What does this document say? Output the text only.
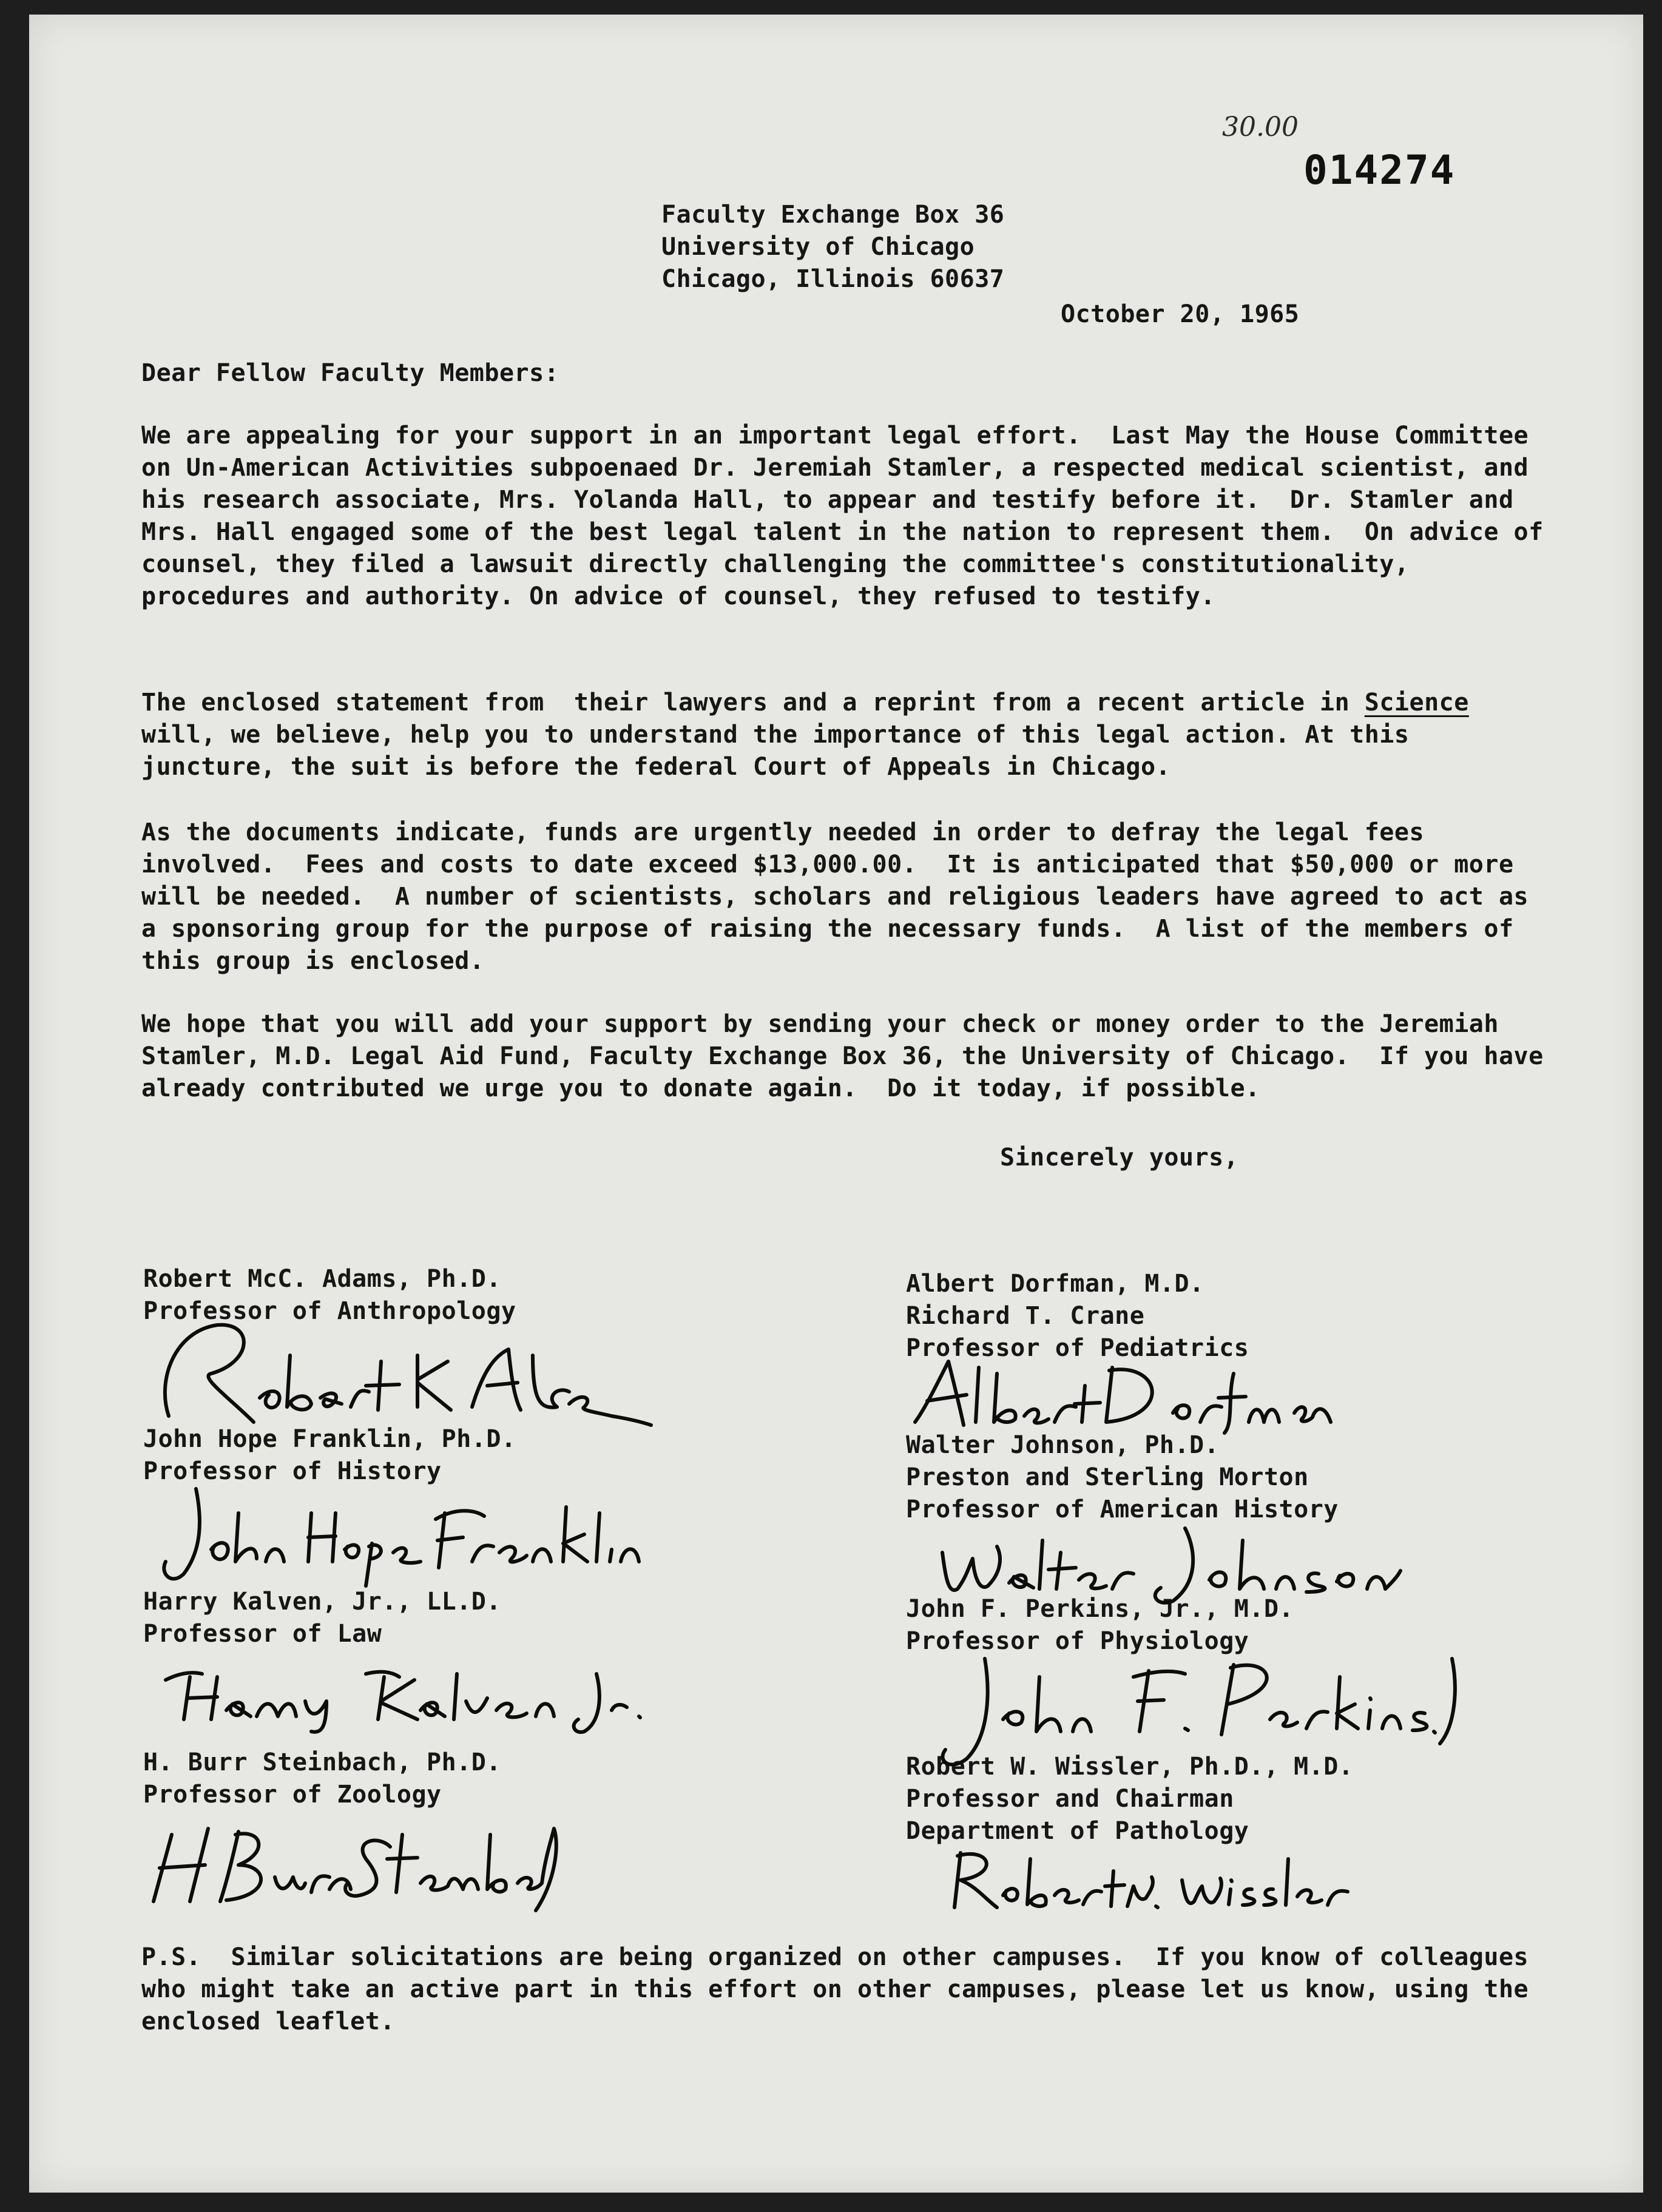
30.00
014274
Faculty Exchange Box 36
University of Chicago
Chicago, Illinois 60637
October 20, 1965
Dear Fellow Faculty Members:

We are appealing for your support in an important legal effort.  Last May the House Committee on Un-American Activities subpoenaed Dr. Jeremiah Stamler, a respected medical scientist, and his research associate, Mrs. Yolanda Hall, to appear and testify before it.  Dr. Stamler and Mrs. Hall engaged some of the best legal talent in the nation to represent them.  On advice of counsel, they filed a lawsuit directly challenging the committee's constitutionality, procedures and authority. On advice of counsel, they refused to testify.

The enclosed statement from  their lawyers and a reprint from a recent article in Science will, we believe, help you to understand the importance of this legal action. At this juncture, the suit is before the federal Court of Appeals in Chicago.

As the documents indicate, funds are urgently needed in order to defray the legal fees involved.  Fees and costs to date exceed $13,000.00.  It is anticipated that $50,000 or more will be needed.  A number of scientists, scholars and religious leaders have agreed to act as a sponsoring group for the purpose of raising the necessary funds.  A list of the members of this group is enclosed.

We hope that you will add your support by sending your check or money order to the Jeremiah Stamler, M.D. Legal Aid Fund, Faculty Exchange Box 36, the University of Chicago.  If you have already contributed we urge you to donate again.  Do it today, if possible.

Sincerely yours,
Robert McC. Adams, Ph.D.
Professor of Anthropology
John Hope Franklin, Ph.D.
Professor of History
Harry Kalven, Jr., LL.D.
Professor of Law
H. Burr Steinbach, Ph.D.
Professor of Zoology
Albert Dorfman, M.D.
Richard T. Crane
Professor of Pediatrics
Walter Johnson, Ph.D.
Preston and Sterling Morton
Professor of American History
John F. Perkins, Jr., M.D.
Professor of Physiology
Robert W. Wissler, Ph.D., M.D.
Professor and Chairman
Department of Pathology

P.S.  Similar solicitations are being organized on other campuses.  If you know of colleagues who might take an active part in this effort on other campuses, please let us know, using the enclosed leaflet.
